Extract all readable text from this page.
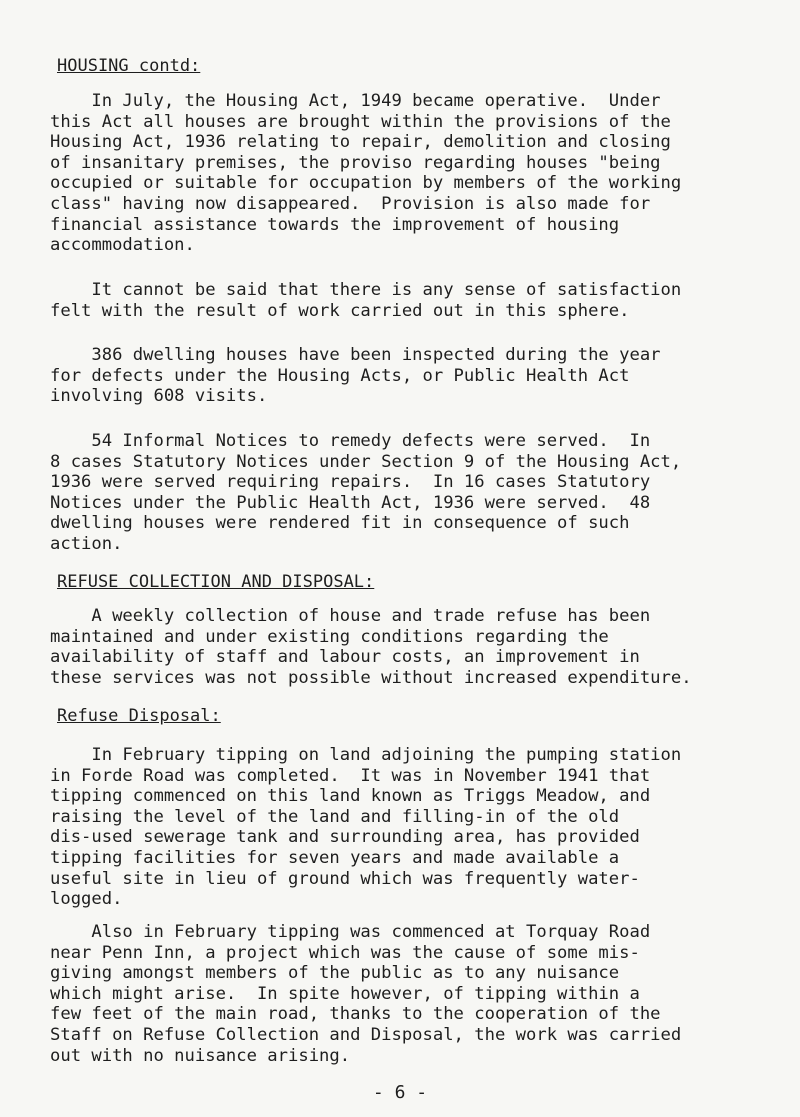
HOUSING contd:
In July, the Housing Act, 1949 became operative.  Under
this Act all houses are brought within the provisions of the
Housing Act, 1936 relating to repair, demolition and closing
of insanitary premises, the proviso regarding houses "being
occupied or suitable for occupation by members of the working
class" having now disappeared.  Provision is also made for
financial assistance towards the improvement of housing
accommodation.
It cannot be said that there is any sense of satisfaction
felt with the result of work carried out in this sphere.
386 dwelling houses have been inspected during the year
for defects under the Housing Acts, or Public Health Act
involving 608 visits.
54 Informal Notices to remedy defects were served.  In
8 cases Statutory Notices under Section 9 of the Housing Act,
1936 were served requiring repairs.  In 16 cases Statutory
Notices under the Public Health Act, 1936 were served.  48
dwelling houses were rendered fit in consequence of such
action.
REFUSE COLLECTION AND DISPOSAL:
A weekly collection of house and trade refuse has been
maintained and under existing conditions regarding the
availability of staff and labour costs, an improvement in
these services was not possible without increased expenditure.
Refuse Disposal:
In February tipping on land adjoining the pumping station
in Forde Road was completed.  It was in November 1941 that
tipping commenced on this land known as Triggs Meadow, and
raising the level of the land and filling-in of the old
dis-used sewerage tank and surrounding area, has provided
tipping facilities for seven years and made available a
useful site in lieu of ground which was frequently water-
logged.
Also in February tipping was commenced at Torquay Road
near Penn Inn, a project which was the cause of some mis-
giving amongst members of the public as to any nuisance
which might arise.  In spite however, of tipping within a
few feet of the main road, thanks to the cooperation of the
Staff on Refuse Collection and Disposal, the work was carried
out with no nuisance arising.
- 6 -
